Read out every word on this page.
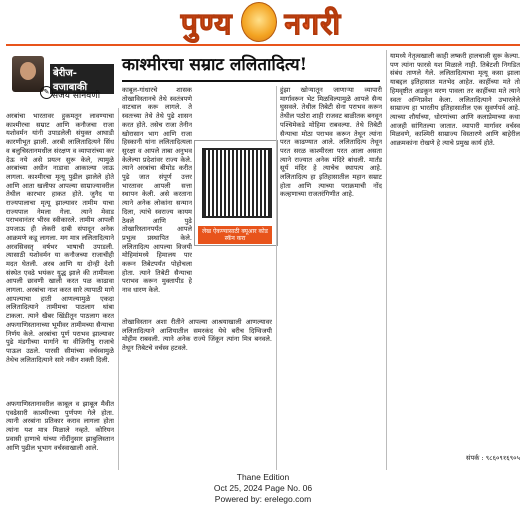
पुण्य नगरी
बेरीज-वजाबाकी
✎ संजय सोनवणी
काश्मीरचा सम्राट ललितादित्य!
अरबांचा भारतावर हुकमतून लावण्याचा काश्मीरचा सम्राट आणि कनौजचा राजा यशोवर्मन यांनी उपाडलेली संयुक्त आघाडी कारणीभूत झाली. अरबी लालितादित्यने सिंध व बलुचिस्तानमधील संरक्षण व व्यापारांच्या कर देऊ नये असे प्रयत्न सुरू केले, त्यामुळे अरबांच्या अधीन नाडावा आकाल्या जाऊ लागला. काश्मीरचा मृत्यू पुढील झालेले होते आणि आता खलीफा आपल्या साम्राज्यावरील तेथील कारभार हाकत होते. जुनैद या राज्यपालाचा मृत्यू झाल्यावर तामीम याचा राज्यपाल नेमला गेला. त्याने मेवाड पराभवानंतर भीरव स्वीकारले. तामीम आपली उपजाऊ ही लेकरी दाबी संपादून अनेक आक्रमणे कडू लागला. मग मात्र ललितादित्याने अरवसिवस्तृ वर्षभर भाषाची उपाडली. त्यासाठी यशोवर्मन या कनौजच्या राजाचीही मदत घेतली. अरब आणि या दोन्ही देशी संस्थेत एवढे भयंकर युद्ध झाले की तामीमला आपली छावणी खाली करत पळ काढावा लागला. अरबांचा नाश करत सारे त्यापाठी मागे आपल्याचा हाती आणल्यामुळे एकदा ललितादित्याने तामीमचा पाठलाग थांबा टाकला. त्याने खैबर खिंडीतून पाठलाग करत अफगाणिस्तानाच्या भूमीवर तामीमच्या सैन्याचा निर्णय केले. अरबांचा पूर्ण पराभव झाल्यावर पुढे मंडगीच्या मार्गाने या वीजिगीषु राजाचे पाऊल उठले. पारसी सीमांच्या वर्चस्वामुळे तेथेच ललितादित्याने सारे नवीन शक्ती दिली.
अफगाणिस्तानावरील काबूल व झाबूल मैवीत एवढेसारी काश्मीरच्या पुर्णपण गेले होता. त्यानी अरबांना प्रतिकार कराव लागला होता त्यांना यश मात्र मिळाले नव्हते. कोरियन प्रवासी हाणाचे यांच्या नोंदींनुसार झाबुलिस्तान आणि पुढील भूभाग वर्चस्वाखाली आले.
काबूल-गांधारचे शासक तोखाविस्तानचे तेथे स्वतंत्रपणे वाटचाल करू लागले. ते स्वतःच्या तेथे तेथे पुढे शासन करत होते. तसेच राजा तेनीन खोरासान भाग आणि राजा हिस्कानी यांना ललितादित्यला सुरक्षा व आपले ताबा अनुभव केलेल्या प्रदेशांवर राज्य केले. त्याने अरबांचा बीमोड करीत पुढे जात संपूर्ण उत्तर भारतावर आपली सत्ता स्थापन केली. असे करताना त्याने अनेक लोकांना सन्मान दिला, त्यांचे स्वराज्य कायम ठेवले आणि पुढे तोखारिस्तानपर्यंत आपले प्रभुत्व प्रस्थापित केले. ललितादित्य आपल्या विजयी मोहिमांमध्ये हिमालय पार करून तिबेटपर्यंत पोहोचला होता. त्याने तिबेटी सैन्याचा पराभव करून मुक्तापीड हे नाव धारण केले.
तोखाविस्तान अशा रीतीने आपल्या आश्रयाखाली आणल्यावर ललितादित्याने आशियातील समरकंद येथे बरीच दिग्विजयी मोहीम राबवली. त्याने अनेक राज्ये जिंकून त्यांना मित्र बनवले. तेथून तिबेटचे वर्चस्व हटवले.
लेख ऐकण्यासाठी क्यूआर कोड स्कॅन करा
हुंझा खोऱ्यातून जाणाऱ्या व्यापारी मार्गावरून भेट मिळविल्यामुळे आपले सैन्य घुसवले. तेथील तिबेटी सेना पराभव करून तेथील पठोरा शाही राजवट बाळीतक बनवून पश्चिमेकडे मोहिमा राबवल्या. तेथे तिबेटी सैन्याचा मोठा पराभव करून तेथून त्यांना परत काढण्यात आले. ललितादित्य तेथून परत सरळ काश्मीरला परत आला असता त्याने राज्यात अनेक मंदिरे बांधली. मार्तंड सूर्य मंदिर हे त्याचेच स्थापत्य आहे. ललितादित्य हा इतिहासातील महान सम्राट होता आणि त्याच्या पराक्रमाची नोंद कल्हणाच्या राजतरंगिणीत आहे.
यामध्ये नेतृत्वखाली काही लष्करी हालचाली सुरू केल्या. पण त्यांना फारसे यश मिळाले नाही. तिबेटशी निगडित संबंध ताणले गेले. ललितादित्याचा मृत्यू कसा झाला याबद्दल इतिहासात मतभेद आहेत. काहींच्या मते तो हिमवृष्टीत अडकून मरण पावला तर काहींच्या मते त्याने स्वतः अग्निप्रवेश केला. ललितादित्याने उभारलेले साम्राज्य हा भारतीय इतिहासातील एक सुवर्णपर्व आहे. त्याच्या शौर्याच्या, धोरणांच्या आणि कलाप्रेमाच्या कथा आजही सांगितल्या जातात. व्यापारी मार्गावर वर्चस्व मिळवणे, काश्मिरी साम्राज्य विस्तारणे आणि बाहेरील आक्रमकांना रोखणे हे त्याचे प्रमुख कार्य होते.
संपर्क : ९८६०९१६९०५
Thane Edition
Oct 25, 2024 Page No. 06
Powered by: erelego.com
